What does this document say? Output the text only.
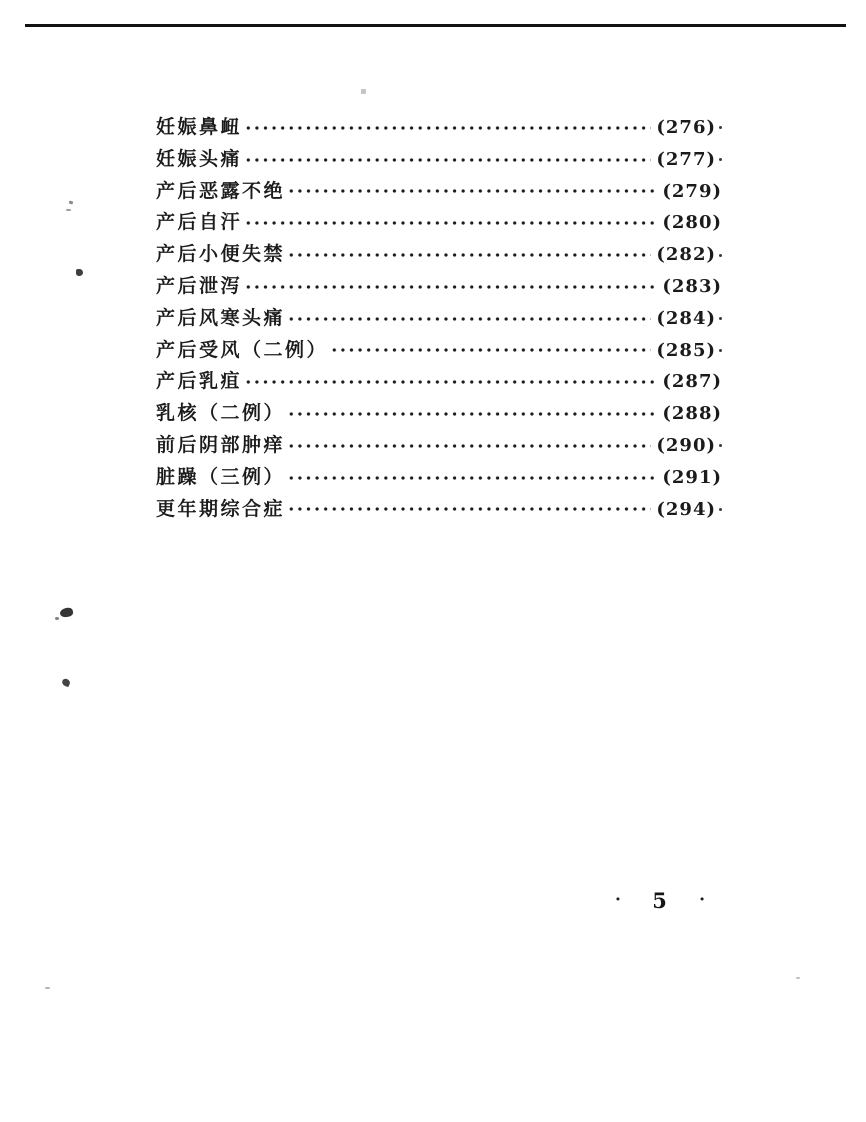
妊娠鼻衄	(276)
妊娠头痛	(277)
产后恶露不绝	(279)
产后自汗	(280)
产后小便失禁	(282)
产后泄泻	(283)
产后风寒头痛	(284)
产后受风（二例）	(285)
产后乳疽	(287)
乳核（二例）	(288)
前后阴部肿痒	(290)
脏躁（三例）	(291)
更年期综合症	(294)
· 5 ·
